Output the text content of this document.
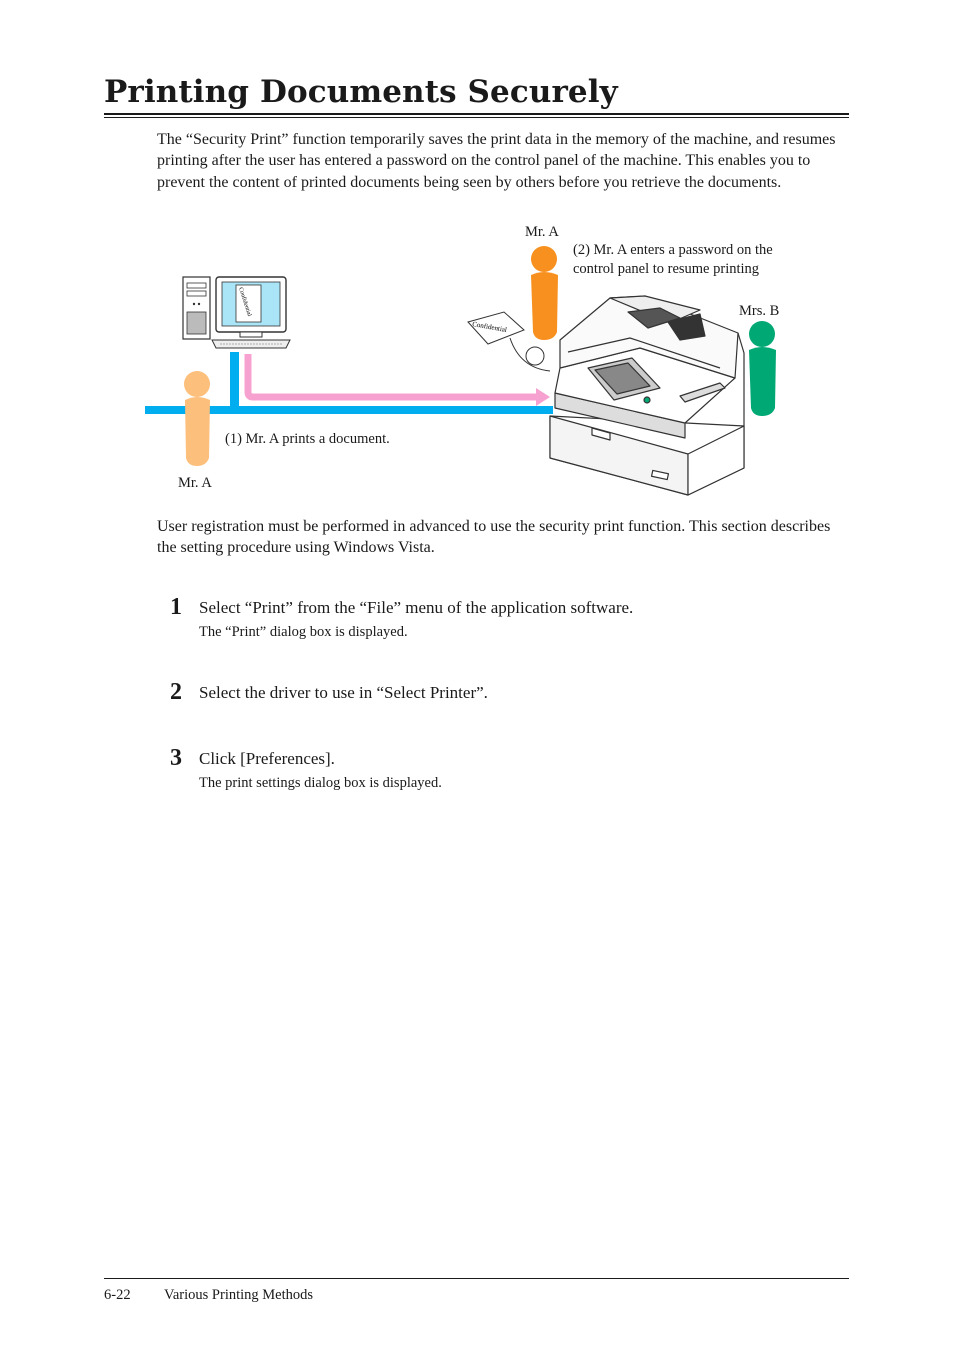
Printing Documents Securely

The “Security Print” function temporarily saves the print data in the memory of the machine, and resumes printing after the user has entered a password on the control panel of the machine. This enables you to prevent the content of printed documents being seen by others before you retrieve the documents.

Confidential
Confidential
Mr. A
(2) Mr. A enters a password on the
control panel to resume printing
Mrs. B
(1) Mr. A prints a document.
Mr. A

User registration must be performed in advanced to use the security print function. This section describes the setting procedure using Windows Vista.

1 Select “Print” from the “File” menu of the application software.
The “Print” dialog box is displayed.
2 Select the driver to use in “Select Printer”.
3 Click [Preferences].
The print settings dialog box is displayed.
6-22 Various Printing Methods
